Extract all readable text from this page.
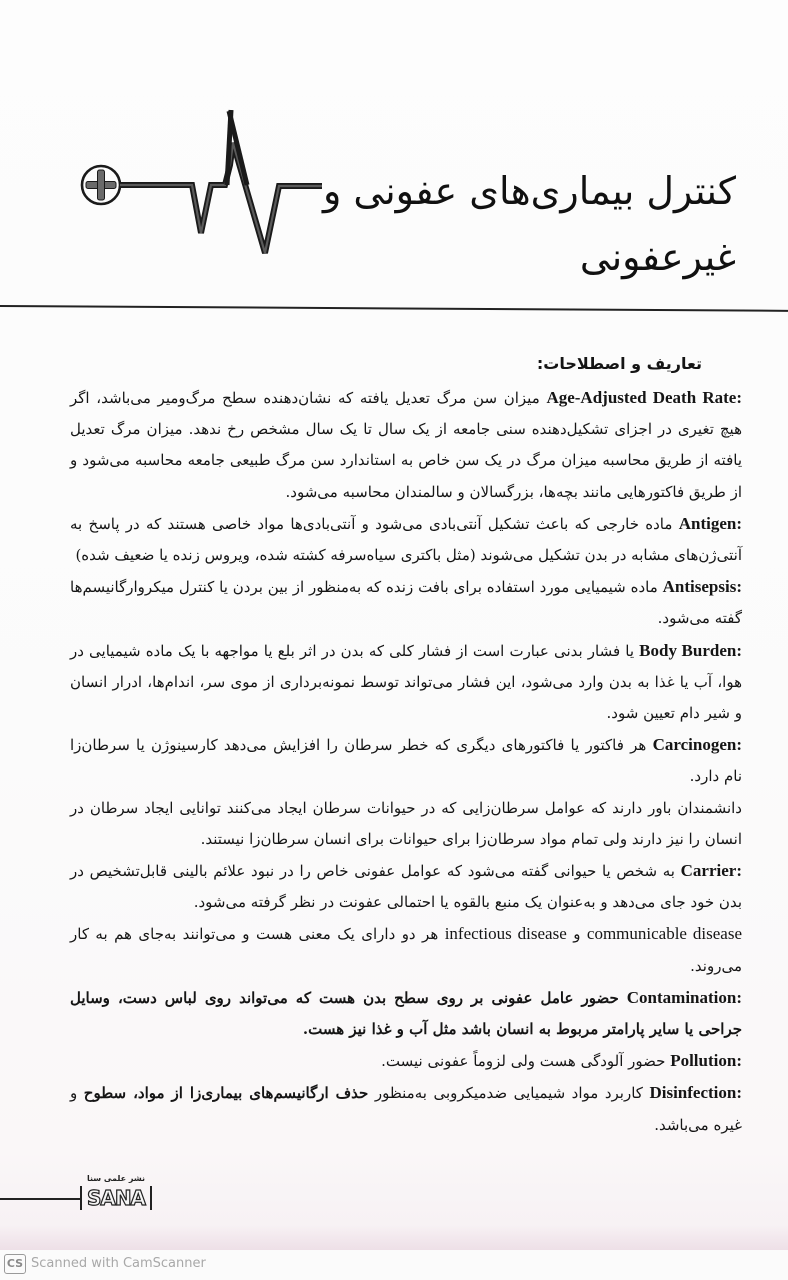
کنترل بیماری‌های عفونی و
غیرعفونی
تعاریف و اصطلاحات:

Age-Adjusted Death Rate: میزان سن مرگ تعدیل یافته که نشان‌دهنده سطح مرگ‌ومیر می‌باشد، اگر هیچ تغیری در اجزای تشکیل‌دهنده سنی جامعه از یک سال تا یک سال مشخص رخ ندهد. میزان مرگ تعدیل یافته از طریق محاسبه میزان مرگ در یک سن خاص به استاندارد سن مرگ طبیعی جامعه محاسبه می‌شود و از طریق فاکتورهایی مانند بچه‌ها، بزرگسالان و سالمندان محاسبه می‌شود.

Antigen: ماده خارجی که باعث تشکیل آنتی‌بادی می‌شود و آنتی‌بادی‌ها مواد خاصی هستند که در پاسخ به آنتی‌ژن‌های مشابه در بدن تشکیل می‌شوند (مثل باکتری سیاه‌سرفه کشته شده، ویروس زنده یا ضعیف شده)

Antisepsis: ماده شیمیایی مورد استفاده برای بافت زنده که به‌منظور از بین بردن یا کنترل میکروارگانیسم‌ها گفته می‌شود.

Body Burden: یا فشار بدنی عبارت است از فشار کلی که بدن در اثر بلع یا مواجهه با یک ماده شیمیایی در هوا، آب یا غذا به بدن وارد می‌شود، این فشار می‌تواند توسط نمونه‌برداری از موی سر، اندام‌ها، ادرار انسان و شیر دام تعیین شود.

Carcinogen: هر فاکتور یا فاکتورهای دیگری که خطر سرطان را افزایش می‌دهد کارسینوژن یا سرطان‌زا نام دارد.

دانشمندان باور دارند که عوامل سرطان‌زایی که در حیوانات سرطان ایجاد می‌کنند توانایی ایجاد سرطان در انسان را نیز دارند ولی تمام مواد سرطان‌زا برای حیوانات برای انسان سرطان‌زا نیستند.

Carrier: به شخص یا حیوانی گفته می‌شود که عوامل عفونی خاص را در نبود علائم بالینی قابل‌تشخیص در بدن خود جای می‌دهد و به‌عنوان یک منبع بالقوه یا احتمالی عفونت در نظر گرفته می‌شود.

communicable disease و infectious disease هر دو دارای یک معنی هست و می‌توانند به‌جای هم به کار می‌روند.

Contamination: حضور عامل عفونی بر روی سطح بدن هست که می‌تواند روی لباس دست، وسایل جراحی یا سایر پارامتر مربوط به انسان باشد مثل آب و غذا نیز هست.

Pollution: حضور آلودگی هست ولی لزوماً عفونی نیست.

Disinfection: کاربرد مواد شیمیایی ضدمیکروبی به‌منظور حذف ارگانیسم‌های بیماری‌زا از مواد، سطوح و غیره می‌باشد.

نشر علمی سنا
SANA
CS Scanned with CamScanner
